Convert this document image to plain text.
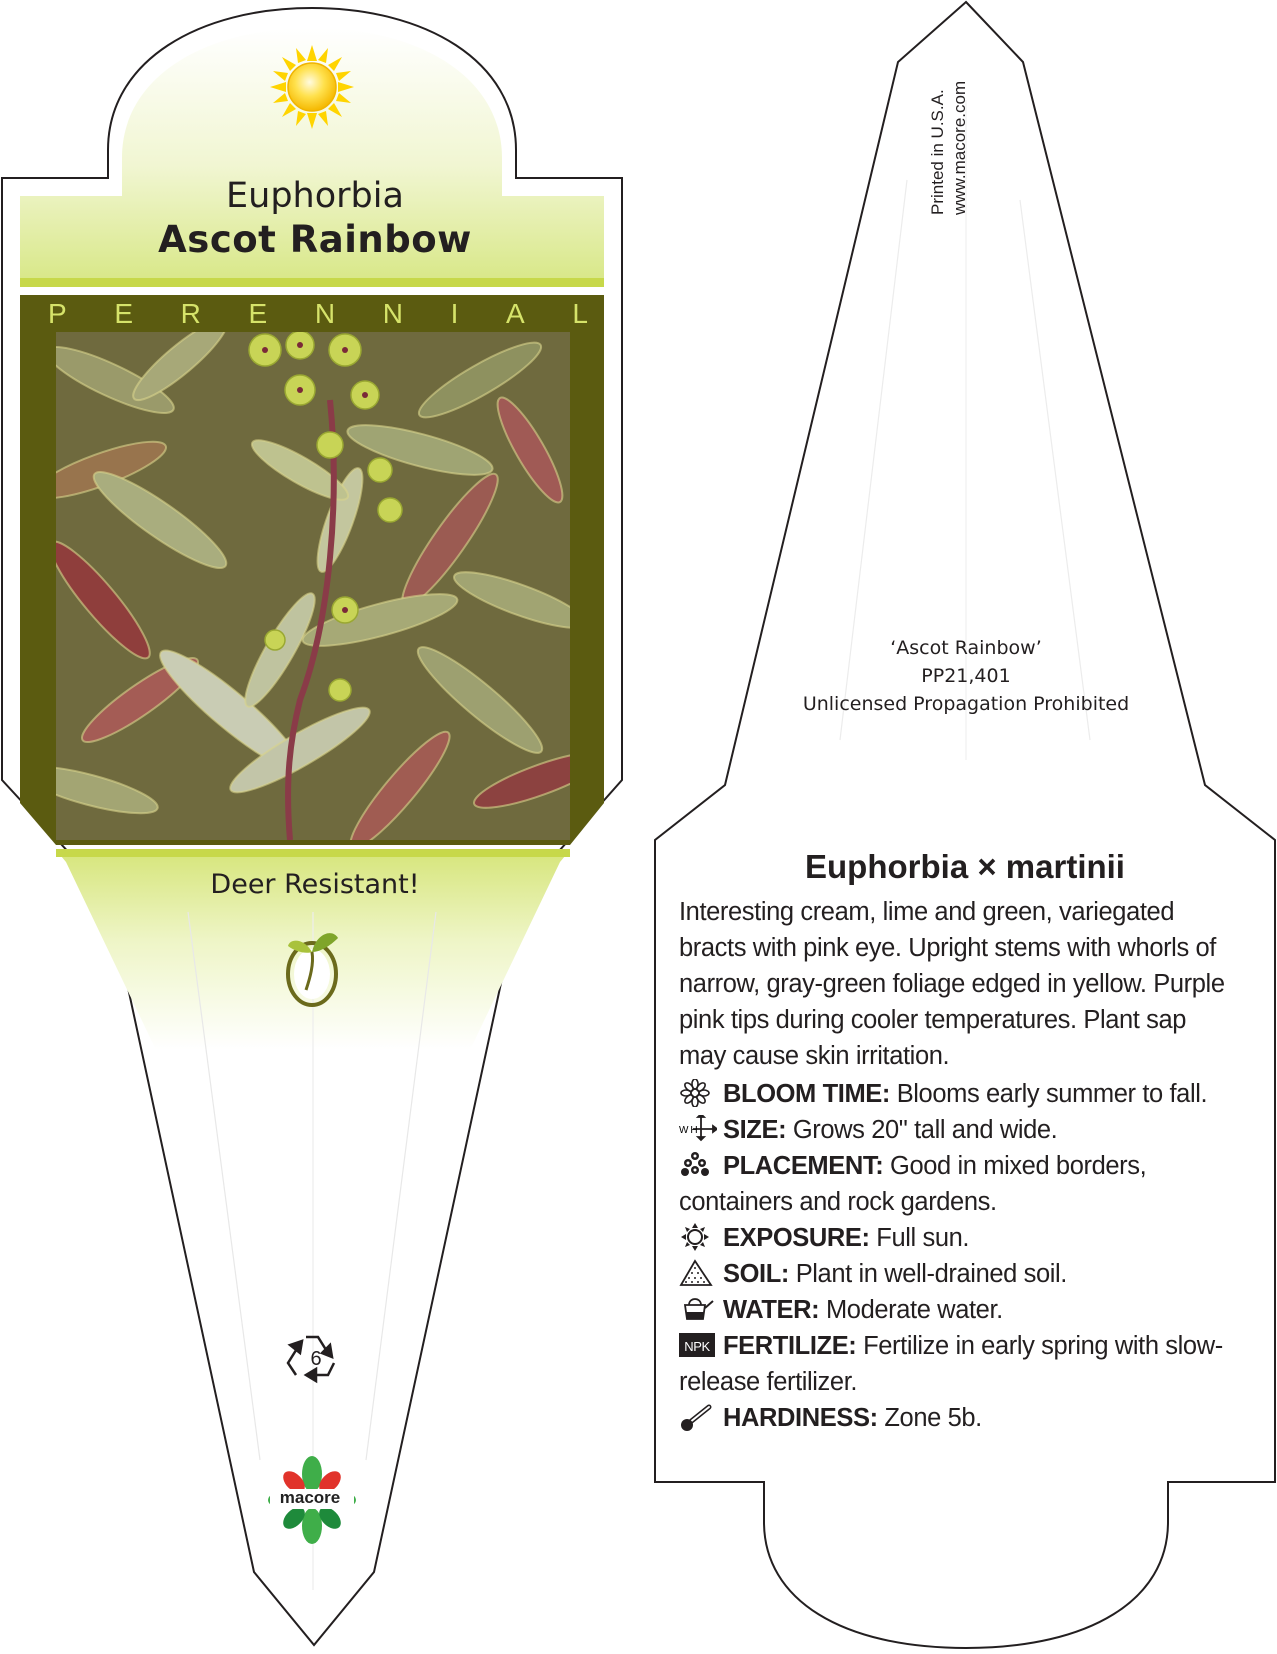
Euphorbia
Ascot Rainbow
P E R E N N I A L
Deer Resistant!
6
macore
Printed in U.S.A. www.macore.com
‘Ascot Rainbow’
PP21,401
Unlicensed Propagation Prohibited
Euphorbia × martinii
Interesting cream, lime and green, variegated bracts with pink eye. Upright stems with whorls of narrow, gray-green foliage edged in yellow. Purple pink tips during cooler temperatures. Plant sap may cause skin irritation.

BLOOM TIME: Blooms early summer to fall.

W H SIZE: Grows 20" tall and wide.

PLACEMENT: Good in mixed borders, containers and rock gardens.

EXPOSURE: Full sun.

SOIL: Plant in well-drained soil.

WATER: Moderate water.

NPK FERTILIZE: Fertilize in early spring with slow-release fertilizer.

HARDINESS: Zone 5b.
